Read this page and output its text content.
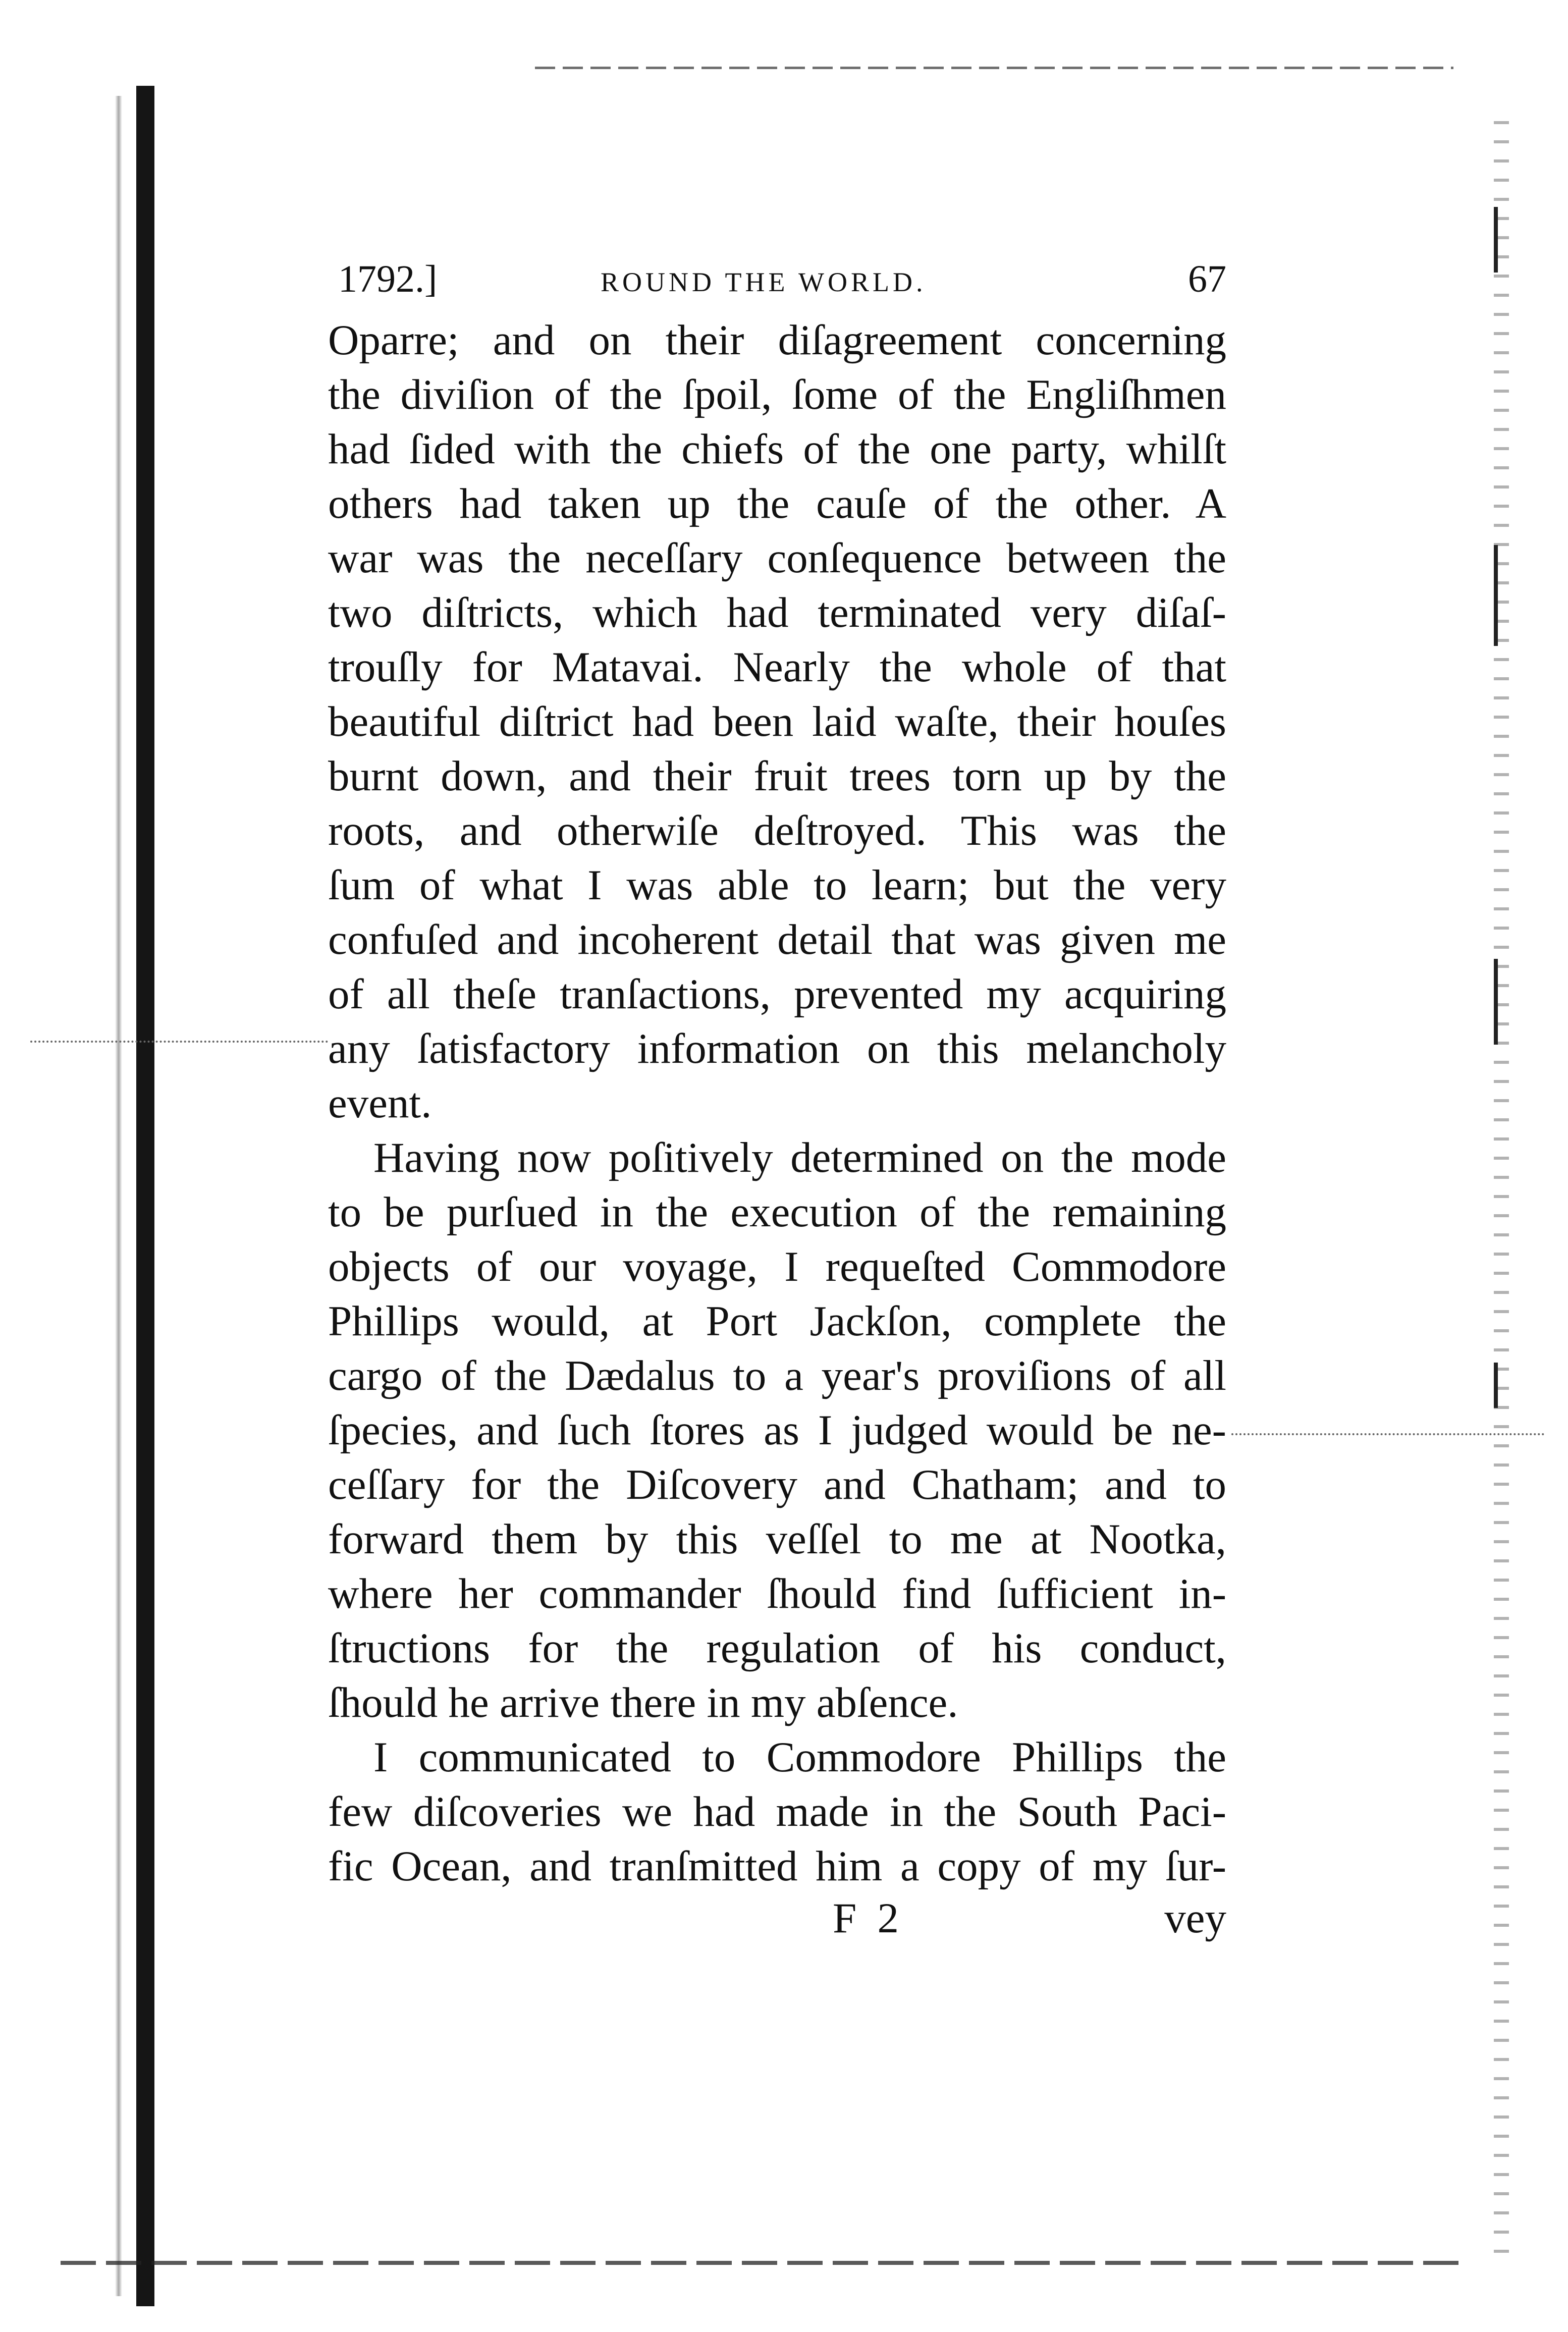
1792.]	ROUND THE WORLD.	67
Oparre; and on their diſagreement concerning
the diviſion of the ſpoil, ſome of the Engliſhmen
had ſided with the chiefs of the one party, whilſt
others had taken up the cauſe of the other. A
war was the neceſſary conſequence between the
two diſtricts, which had terminated very diſaſ-
trouſly for Matavai. Nearly the whole of that
beautiful diſtrict had been laid waſte, their houſes
burnt down, and their fruit trees torn up by the
roots, and otherwiſe deſtroyed. This was the
ſum of what I was able to learn; but the very
confuſed and incoherent detail that was given me
of all theſe tranſactions, prevented my acquiring
any ſatisfactory information on this melancholy
event.
Having now poſitively determined on the mode
to be purſued in the execution of the remaining
objects of our voyage, I requeſted Commodore
Phillips would, at Port Jackſon, complete the
cargo of the Dædalus to a year's proviſions of all
ſpecies, and ſuch ſtores as I judged would be ne-
ceſſary for the Diſcovery and Chatham; and to
forward them by this veſſel to me at Nootka,
where her commander ſhould find ſufficient in-
ſtructions for the regulation of his conduct,
ſhould he arrive there in my abſence.
I communicated to Commodore Phillips the
few diſcoveries we had made in the South Paci-
fic Ocean, and tranſmitted him a copy of my ſur-
F 2	vey
